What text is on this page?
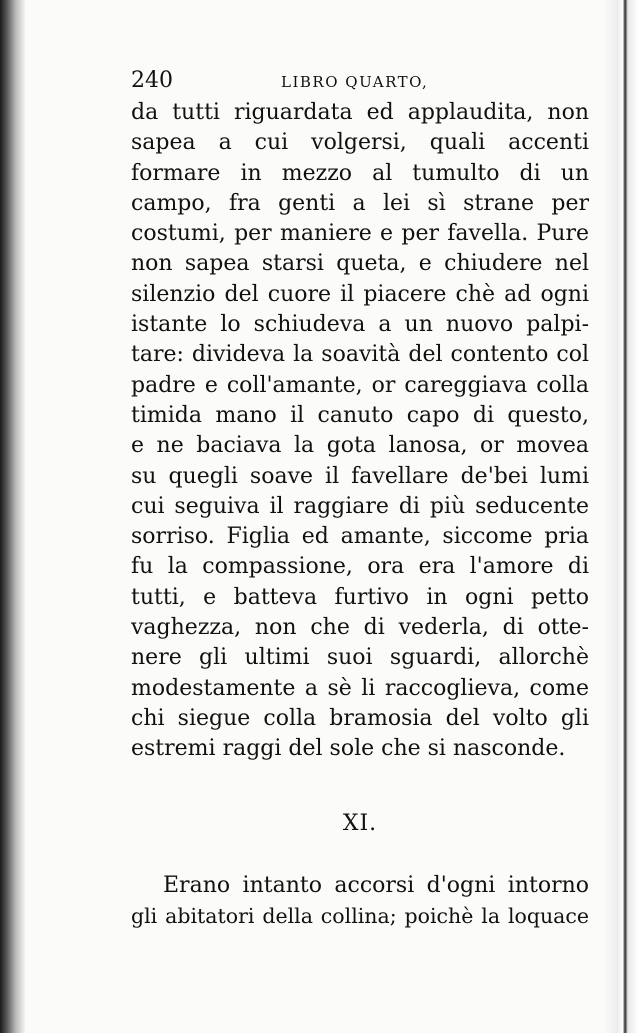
240	LIBRO QUARTO,
da tutti riguardata ed applaudita, non
sapea a cui volgersi, quali accenti
formare in mezzo al tumulto di un
campo, fra genti a lei sì strane per
costumi, per maniere e per favella. Pure
non sapea starsi queta, e chiudere nel
silenzio del cuore il piacere chè ad ogni
istante lo schiudeva a un nuovo palpi-
tare: divideva la soavità del contento col
padre e coll'amante, or careggiava colla
timida mano il canuto capo di questo,
e ne baciava la gota lanosa, or movea
su quegli soave il favellare de'bei lumi
cui seguiva il raggiare di più seducente
sorriso. Figlia ed amante, siccome pria
fu la compassione, ora era l'amore di
tutti, e batteva furtivo in ogni petto
vaghezza, non che di vederla, di otte-
nere gli ultimi suoi sguardi, allorchè
modestamente a sè li raccoglieva, come
chi siegue colla bramosia del volto gli
estremi raggi del sole che si nasconde.
XI.
Erano intanto accorsi d'ogni intorno
gli abitatori della collina; poichè la loquace
